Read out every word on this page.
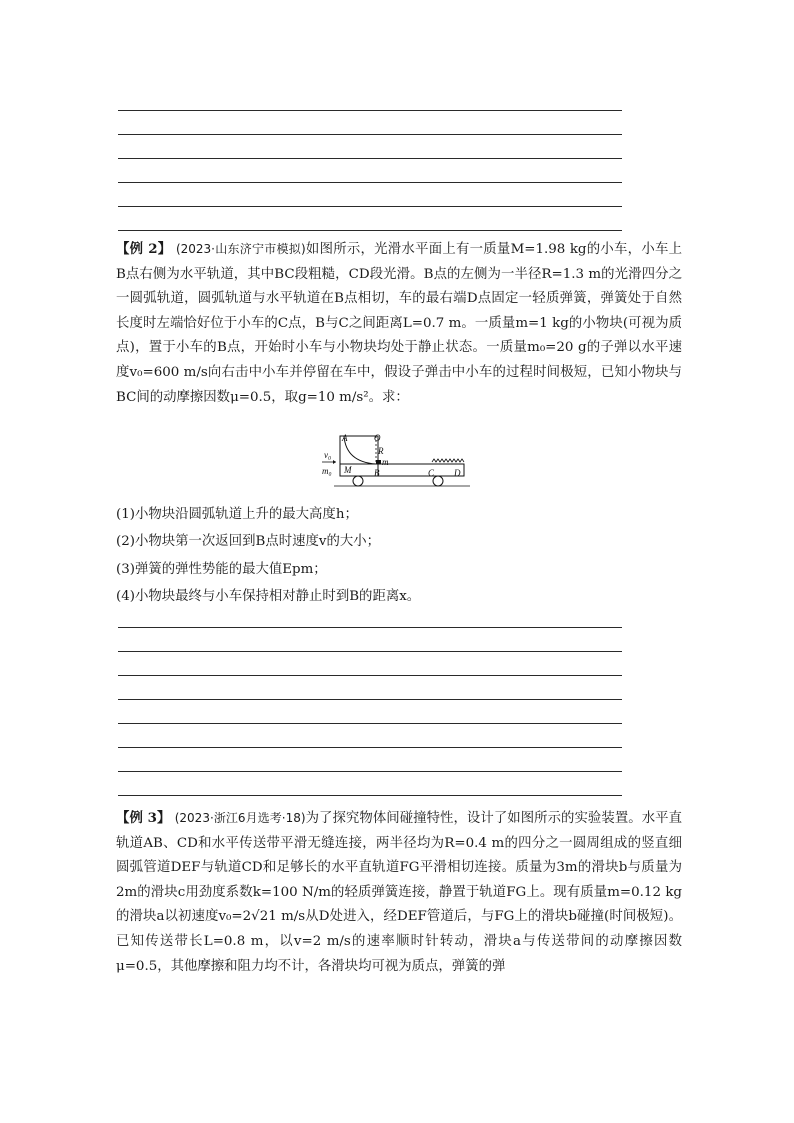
【例 2】 (2023·山东济宁市模拟)如图所示，光滑水平面上有一质量M=1.98 kg的小车，小车上B点右侧为水平轨道，其中BC段粗糙，CD段光滑。B点的左侧为一半径R=1.3 m的光滑四分之一圆弧轨道，圆弧轨道与水平轨道在B点相切，车的最右端D点固定一轻质弹簧，弹簧处于自然长度时左端恰好位于小车的C点，B与C之间距离L=0.7 m。一质量m=1 kg的小物块(可视为质点)，置于小车的B点，开始时小车与小物块均处于静止状态。一质量m₀=20 g的子弹以水平速度v₀=600 m/s向右击中小车并停留在车中，假设子弹击中小车的过程时间极短，已知小物块与BC间的动摩擦因数μ=0.5，取g=10 m/s²。求：
A	O
R
M
m
B	C D
v₀
m₀
(1)小物块沿圆弧轨道上升的最大高度h；
(2)小物块第一次返回到B点时速度v的大小；
(3)弹簧的弹性势能的最大值Epm；
(4)小物块最终与小车保持相对静止时到B的距离x。
【例 3】 (2023·浙江6月选考·18)为了探究物体间碰撞特性，设计了如图所示的实验装置。水平直轨道AB、CD和水平传送带平滑无缝连接，两半径均为R=0.4 m的四分之一圆周组成的竖直细圆弧管道DEF与轨道CD和足够长的水平直轨道FG平滑相切连接。质量为3m的滑块b与质量为2m的滑块c用劲度系数k=100 N/m的轻质弹簧连接，静置于轨道FG上。现有质量m=0.12 kg的滑块a以初速度v₀=2√21 m/s从D处进入，经DEF管道后，与FG上的滑块b碰撞(时间极短)。已知传送带长L=0.8 m，以v=2 m/s的速率顺时针转动，滑块a与传送带间的动摩擦因数μ=0.5，其他摩擦和阻力均不计，各滑块均可视为质点，弹簧的弹
